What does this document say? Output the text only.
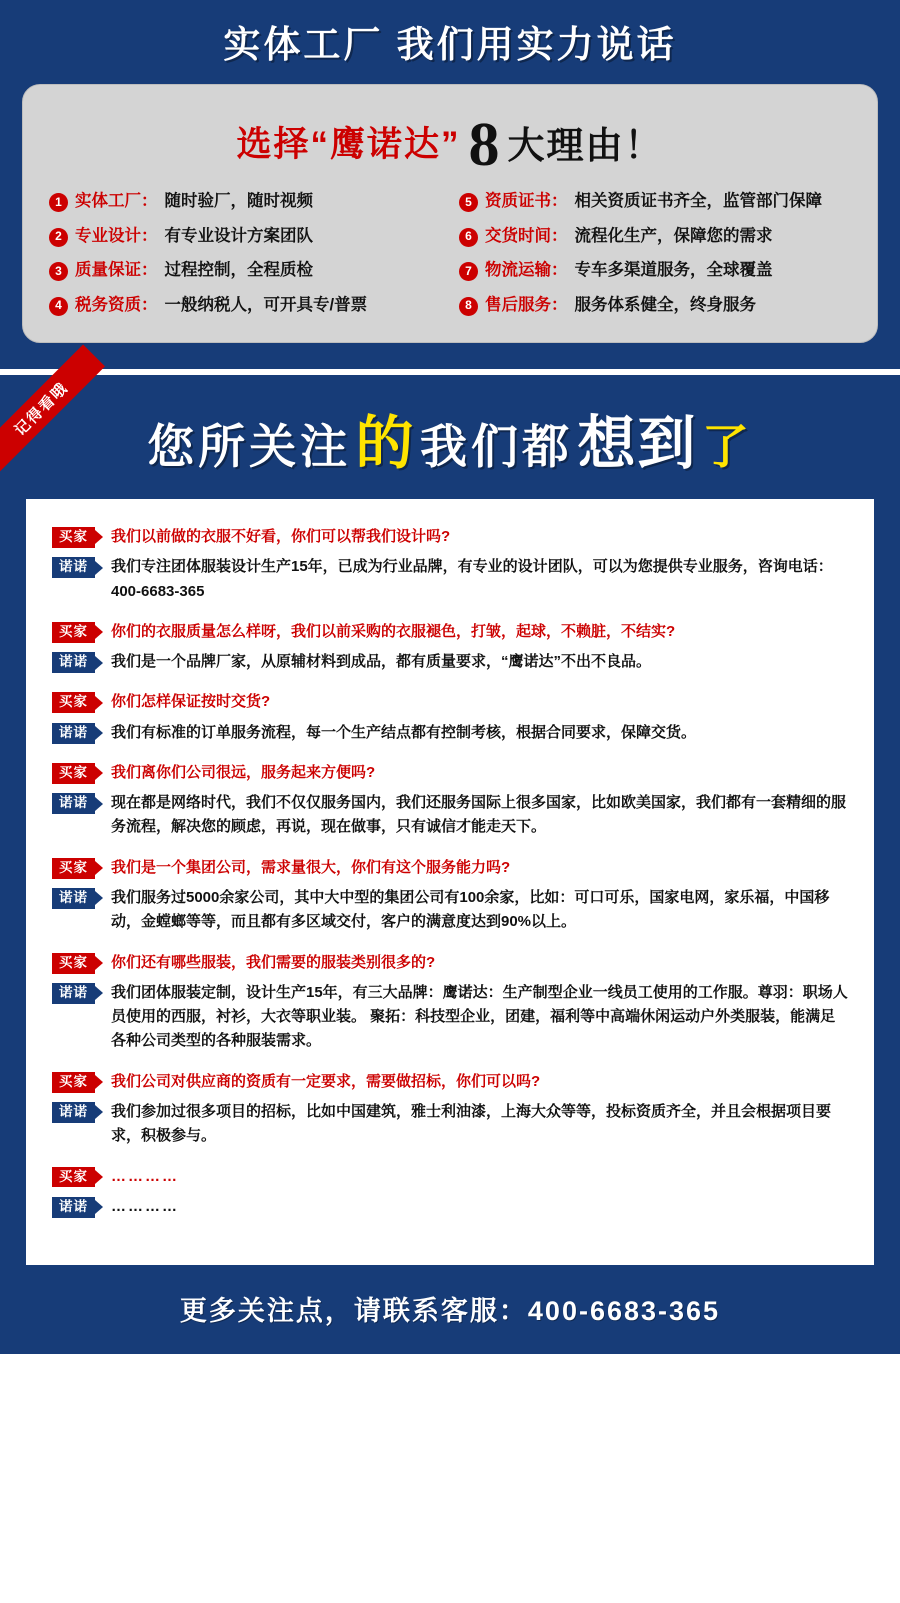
实体工厂 我们用实力说话
选择“鹰诺达” 8 大理由！
1 实体工厂： 随时验厂，随时视频	5 资质证书： 相关资质证书齐全，监管部门保障
2 专业设计： 有专业设计方案团队	6 交货时间： 流程化生产，保障您的需求
3 质量保证： 过程控制，全程质检	7 物流运输： 专车多渠道服务，全球覆盖
4 税务资质： 一般纳税人，可开具专/普票	8 售后服务： 服务体系健全，终身服务
记得看哦
您所关注 的 我们都 想到 了
买家	我们以前做的衣服不好看，你们可以帮我们设计吗?
诺诺	我们专注团体服装设计生产15年，已成为行业品牌，有专业的设计团队，可以为您提供专业服务，咨询电话：400-6683-365
买家	你们的衣服质量怎么样呀，我们以前采购的衣服褪色，打皱，起球，不赖脏，不结实?
诺诺	我们是一个品牌厂家，从原辅材料到成品，都有质量要求，“鹰诺达”不出不良品。
买家	你们怎样保证按时交货?
诺诺	我们有标准的订单服务流程，每一个生产结点都有控制考核，根据合同要求，保障交货。
买家	我们离你们公司很远，服务起来方便吗?
诺诺	现在都是网络时代，我们不仅仅服务国内，我们还服务国际上很多国家，比如欧美国家，我们都有一套精细的服务流程，解决您的顾虑，再说，现在做事，只有诚信才能走天下。
买家	我们是一个集团公司，需求量很大，你们有这个服务能力吗?
诺诺	我们服务过5000余家公司，其中大中型的集团公司有100余家，比如：可口可乐，国家电网，家乐福，中国移动，金螳螂等等，而且都有多区域交付，客户的满意度达到90%以上。
买家	你们还有哪些服装，我们需要的服装类别很多的?
诺诺	我们团体服装定制，设计生产15年，有三大品牌：鹰诺达：生产制型企业一线员工使用的工作服。尊羽：职场人员使用的西服，衬衫，大衣等职业装。 聚拓：科技型企业，团建，福利等中高端休闲运动户外类服装，能满足各种公司类型的各种服装需求。
买家	我们公司对供应商的资质有一定要求，需要做招标，你们可以吗?
诺诺	我们参加过很多项目的招标，比如中国建筑，雅士利油漆，上海大众等等，投标资质齐全，并且会根据项目要求，积极参与。
买家	…………
诺诺	…………
更多关注点，请联系客服：400-6683-365
